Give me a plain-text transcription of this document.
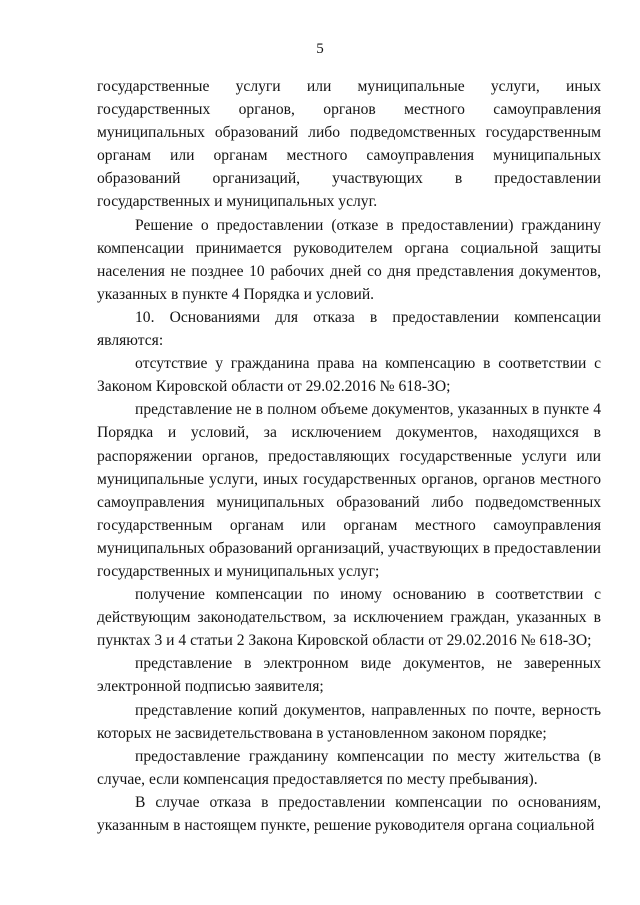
5

государственные услуги или муниципальные услуги, иных государственных органов, органов местного самоуправления муниципальных образований либо подведомственных государственным органам или органам местного самоуправления муниципальных образований организаций, участвующих в предоставлении государственных и муниципальных услуг.

Решение о предоставлении (отказе в предоставлении) гражданину компенсации принимается руководителем органа социальной защиты населения не позднее 10 рабочих дней со дня представления документов, указанных в пункте 4 Порядка и условий.

10. Основаниями для отказа в предоставлении компенсации являются:

отсутствие у гражданина права на компенсацию в соответствии с Законом Кировской области от 29.02.2016 № 618-ЗО;

представление не в полном объеме документов, указанных в пункте 4 Порядка и условий, за исключением документов, находящихся в распоряжении органов, предоставляющих государственные услуги или муниципальные услуги, иных государственных органов, органов местного самоуправления муниципальных образований либо подведомственных государственным органам или органам местного самоуправления муниципальных образований организаций, участвующих в предоставлении государственных и муниципальных услуг;

получение компенсации по иному основанию в соответствии с действующим законодательством, за исключением граждан, указанных в пунктах 3 и 4 статьи 2 Закона Кировской области от 29.02.2016 № 618-ЗО;

представление в электронном виде документов, не заверенных электронной подписью заявителя;

представление копий документов, направленных по почте, верность которых не засвидетельствована в установленном законом порядке;

предоставление гражданину компенсации по месту жительства (в случае, если компенсация предоставляется по месту пребывания).

В случае отказа в предоставлении компенсации по основаниям, указанным в настоящем пункте, решение руководителя органа социальной
